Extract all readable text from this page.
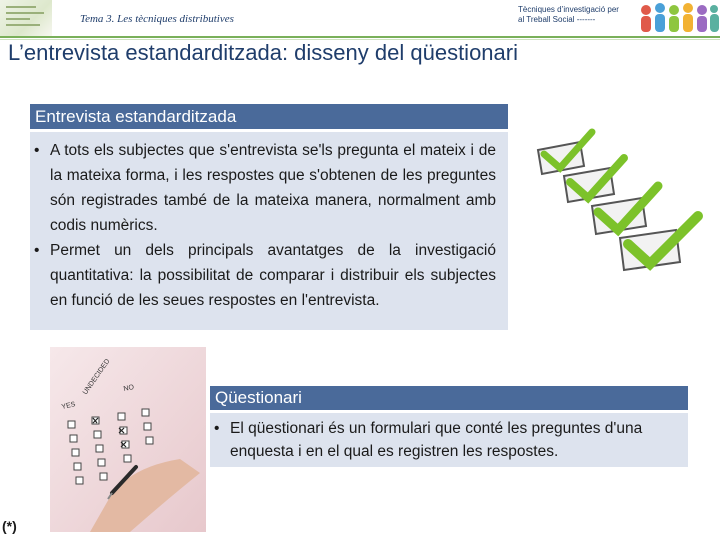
Tema 3. Les tècniques distributives
Tècniques d’investigació per
al Treball Social -------
L’entrevista estandarditzada: disseny del qüestionari
Entrevista estandarditzada
• A tots els subjectes que s'entrevista se'ls pregunta el mateix i de la mateixa forma, i les respostes que s'obtenen de les preguntes són registrades també de la mateixa manera, normalment amb codis numèrics.
• Permet un dels principals avantatges de la investigació quantitativa: la possibilitat de comparar i distribuir els subjectes en funció de les seues respostes en l'entrevista.
YES
UNDECIDED NO	Qüestionari
• El qüestionari és un formulari que conté les preguntes d'una enquesta i en el qual es registren les respostes.
(*)
